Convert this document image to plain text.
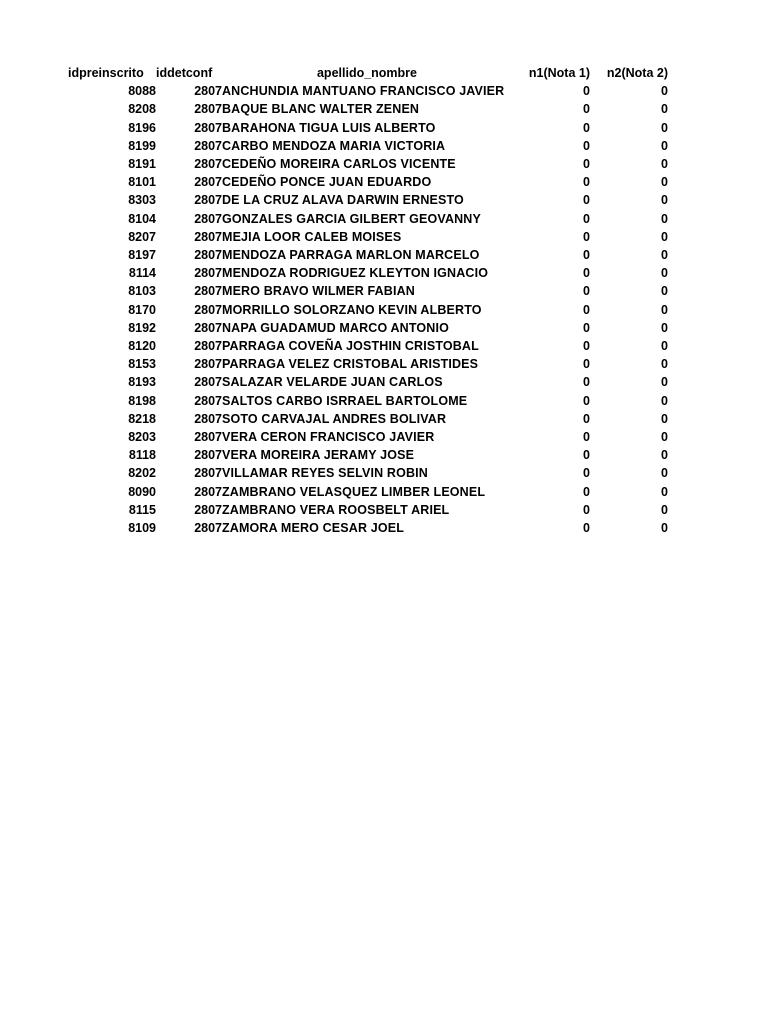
idpreinscrito	iddetconf	apellido_nombre	n1(Nota 1)	n2(Nota 2)
8088	2807	ANCHUNDIA MANTUANO FRANCISCO JAVIER	0	0
8208	2807	BAQUE BLANC WALTER ZENEN	0	0
8196	2807	BARAHONA TIGUA LUIS ALBERTO	0	0
8199	2807	CARBO MENDOZA MARIA VICTORIA	0	0
8191	2807	CEDEÑO MOREIRA CARLOS VICENTE	0	0
8101	2807	CEDEÑO PONCE JUAN EDUARDO	0	0
8303	2807	DE LA CRUZ ALAVA DARWIN ERNESTO	0	0
8104	2807	GONZALES GARCIA GILBERT GEOVANNY	0	0
8207	2807	MEJIA LOOR CALEB MOISES	0	0
8197	2807	MENDOZA PARRAGA MARLON MARCELO	0	0
8114	2807	MENDOZA RODRIGUEZ KLEYTON IGNACIO	0	0
8103	2807	MERO BRAVO WILMER FABIAN	0	0
8170	2807	MORRILLO SOLORZANO KEVIN ALBERTO	0	0
8192	2807	NAPA GUADAMUD MARCO ANTONIO	0	0
8120	2807	PARRAGA COVEÑA JOSTHIN CRISTOBAL	0	0
8153	2807	PARRAGA VELEZ CRISTOBAL ARISTIDES	0	0
8193	2807	SALAZAR VELARDE JUAN CARLOS	0	0
8198	2807	SALTOS CARBO ISRRAEL BARTOLOME	0	0
8218	2807	SOTO CARVAJAL ANDRES BOLIVAR	0	0
8203	2807	VERA CERON FRANCISCO JAVIER	0	0
8118	2807	VERA MOREIRA JERAMY JOSE	0	0
8202	2807	VILLAMAR REYES SELVIN ROBIN	0	0
8090	2807	ZAMBRANO VELASQUEZ LIMBER LEONEL	0	0
8115	2807	ZAMBRANO VERA ROOSBELT ARIEL	0	0
8109	2807	ZAMORA MERO CESAR JOEL	0	0
